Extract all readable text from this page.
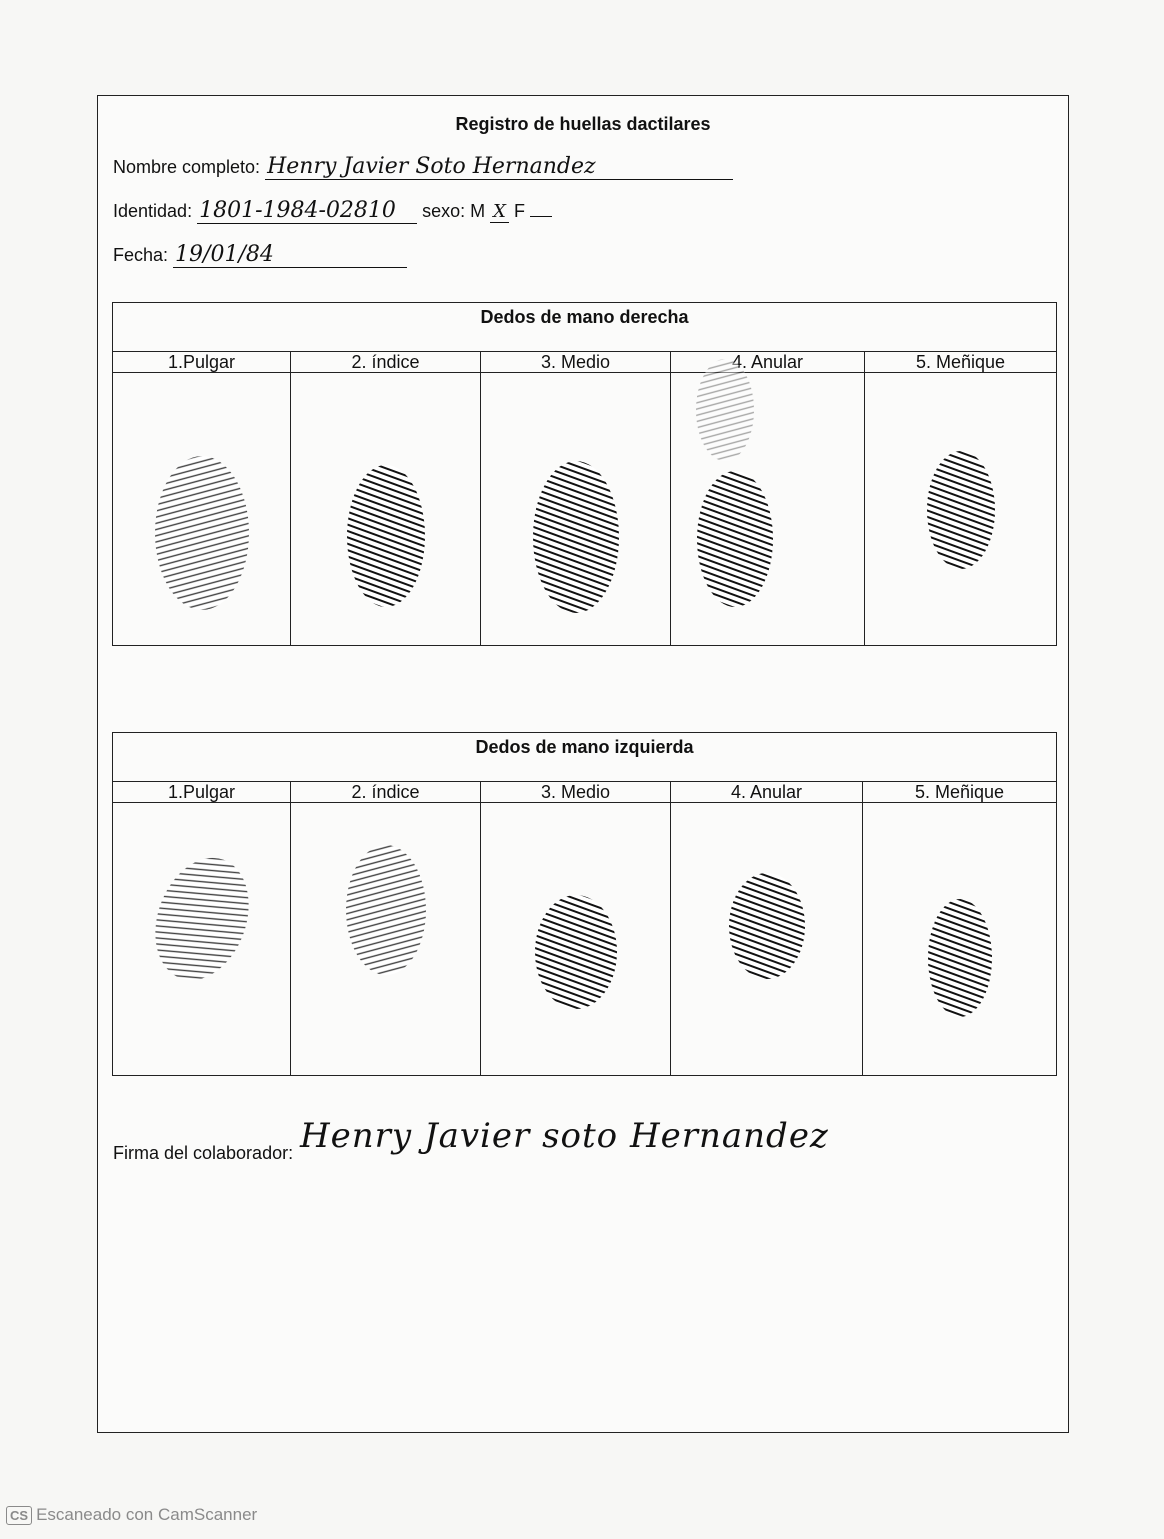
Registro de huellas dactilares
Nombre completo: Henry Javier Soto Hernandez
Identidad: 1801-1984-02810 sexo: M X F
Fecha: 19/01/84
Dedos de mano derecha				
1.Pulgar	2. índice	3. Medio	4. Anular	5. Meñique

Dedos de mano izquierda				
1.Pulgar	2. índice	3. Medio	4. Anular	5. Meñique

Firma del colaborador: Henry Javier soto Hernandez
CS Escaneado con CamScanner
